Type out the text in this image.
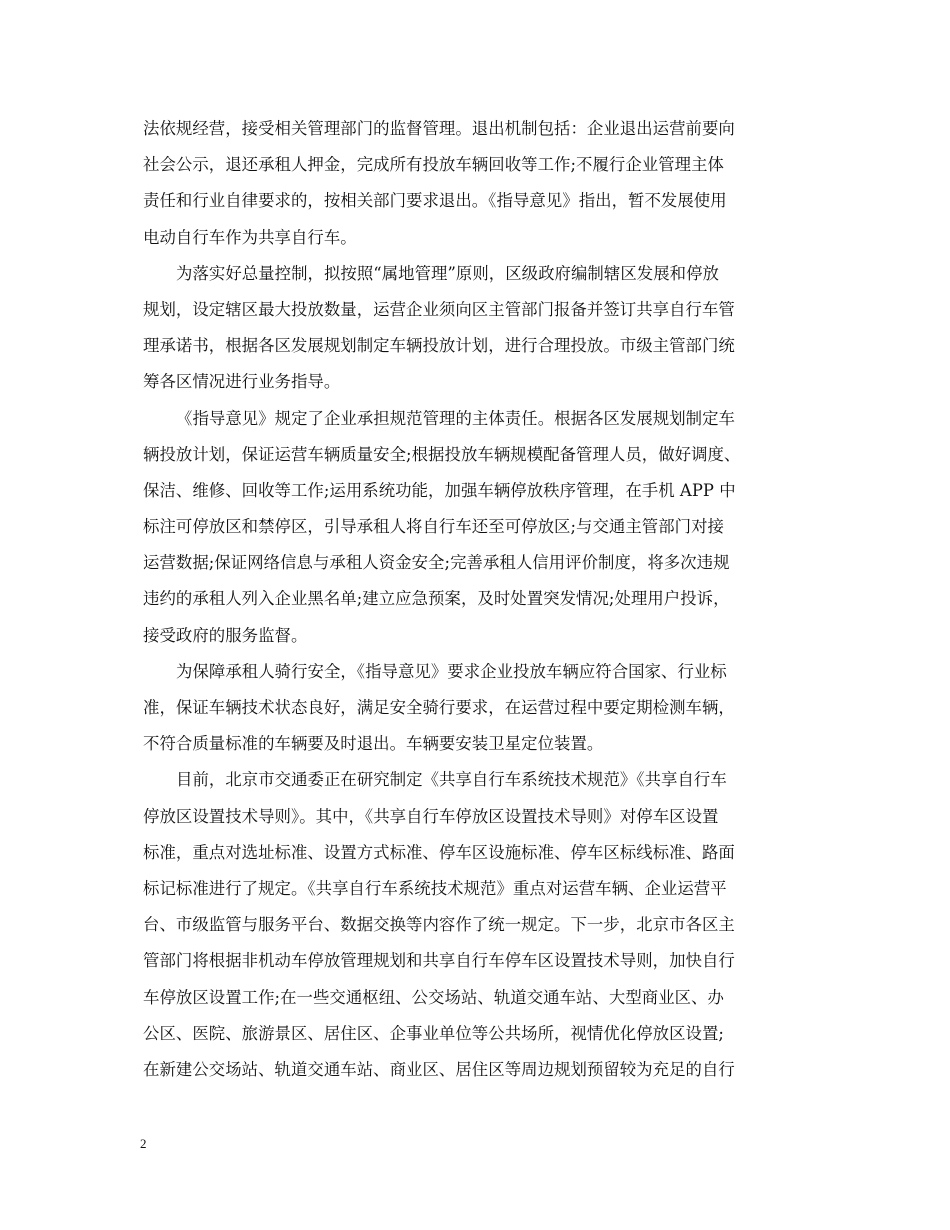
法依规经营，接受相关管理部门的监督管理。退出机制包括：企业退出运营前要向
社会公示，退还承租人押金，完成所有投放车辆回收等工作;不履行企业管理主体
责任和行业自律要求的，按相关部门要求退出。《指导意见》指出，暂不发展使用
电动自行车作为共享自行车。
为落实好总量控制，拟按照“属地管理”原则，区级政府编制辖区发展和停放
规划，设定辖区最大投放数量，运营企业须向区主管部门报备并签订共享自行车管
理承诺书，根据各区发展规划制定车辆投放计划，进行合理投放。市级主管部门统
筹各区情况进行业务指导。
《指导意见》规定了企业承担规范管理的主体责任。根据各区发展规划制定车
辆投放计划，保证运营车辆质量安全;根据投放车辆规模配备管理人员，做好调度、
保洁、维修、回收等工作;运用系统功能，加强车辆停放秩序管理，在手机 APP 中
标注可停放区和禁停区，引导承租人将自行车还至可停放区;与交通主管部门对接
运营数据;保证网络信息与承租人资金安全;完善承租人信用评价制度，将多次违规
违约的承租人列入企业黑名单;建立应急预案，及时处置突发情况;处理用户投诉，
接受政府的服务监督。
为保障承租人骑行安全，《指导意见》要求企业投放车辆应符合国家、行业标
准，保证车辆技术状态良好，满足安全骑行要求，在运营过程中要定期检测车辆，
不符合质量标准的车辆要及时退出。车辆要安装卫星定位装置。
目前，北京市交通委正在研究制定《共享自行车系统技术规范》《共享自行车
停放区设置技术导则》。其中，《共享自行车停放区设置技术导则》对停车区设置
标准，重点对选址标准、设置方式标准、停车区设施标准、停车区标线标准、路面
标记标准进行了规定。《共享自行车系统技术规范》重点对运营车辆、企业运营平
台、市级监管与服务平台、数据交换等内容作了统一规定。下一步，北京市各区主
管部门将根据非机动车停放管理规划和共享自行车停车区设置技术导则，加快自行
车停放区设置工作;在一些交通枢纽、公交场站、轨道交通车站、大型商业区、办
公区、医院、旅游景区、居住区、企事业单位等公共场所，视情优化停放区设置;
在新建公交场站、轨道交通车站、商业区、居住区等周边规划预留较为充足的自行
2
